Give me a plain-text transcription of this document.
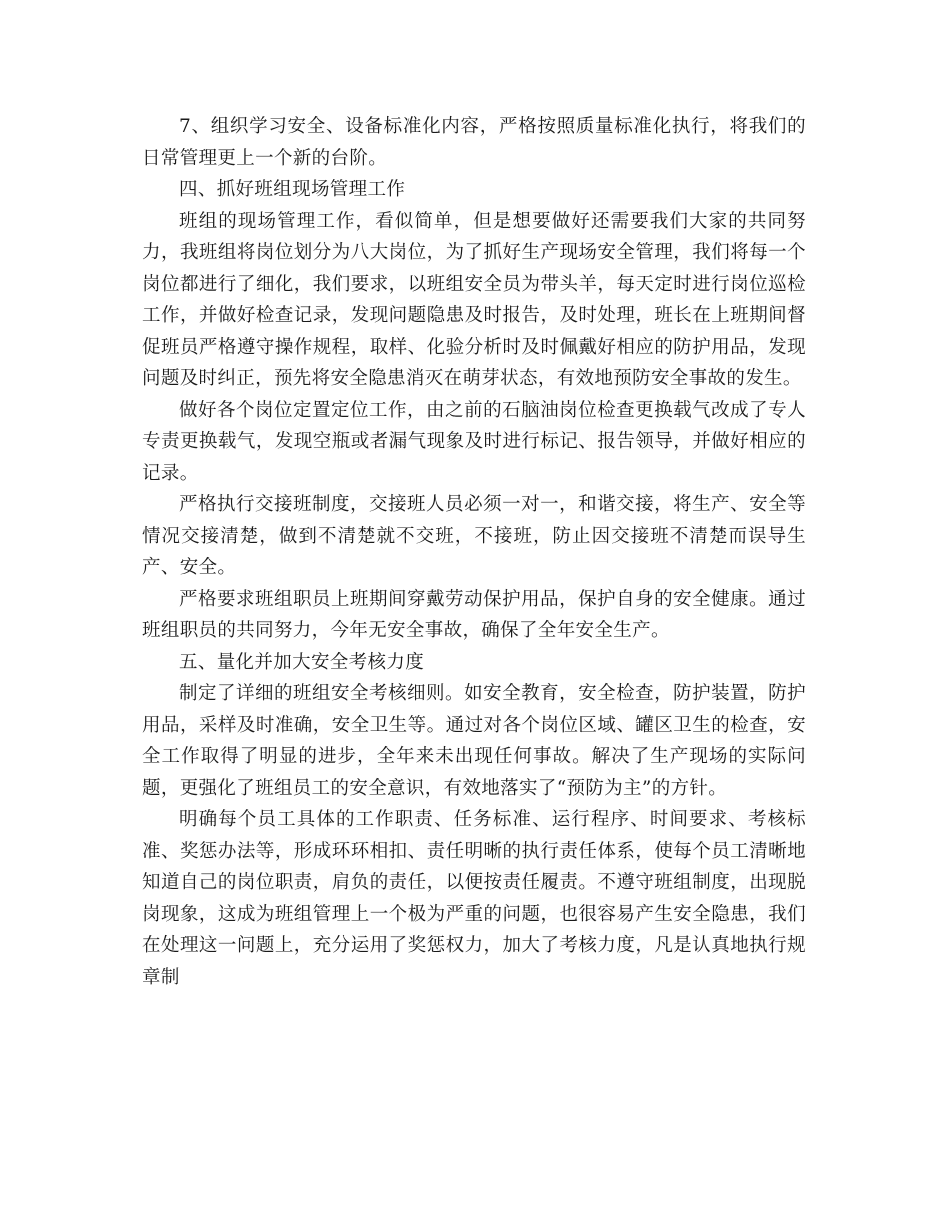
7、组织学习安全、设备标准化内容，严格按照质量标准化执行，将我们的日常管理更上一个新的台阶。

四、抓好班组现场管理工作

班组的现场管理工作，看似简单，但是想要做好还需要我们大家的共同努力，我班组将岗位划分为八大岗位，为了抓好生产现场安全管理，我们将每一个岗位都进行了细化，我们要求，以班组安全员为带头羊，每天定时进行岗位巡检工作，并做好检查记录，发现问题隐患及时报告，及时处理，班长在上班期间督促班员严格遵守操作规程，取样、化验分析时及时佩戴好相应的防护用品，发现问题及时纠正，预先将安全隐患消灭在萌芽状态，有效地预防安全事故的发生。

做好各个岗位定置定位工作，由之前的石脑油岗位检查更换载气改成了专人专责更换载气，发现空瓶或者漏气现象及时进行标记、报告领导，并做好相应的记录。

严格执行交接班制度，交接班人员必须一对一，和谐交接，将生产、安全等情况交接清楚，做到不清楚就不交班，不接班，防止因交接班不清楚而误导生产、安全。

严格要求班组职员上班期间穿戴劳动保护用品，保护自身的安全健康。通过班组职员的共同努力，今年无安全事故，确保了全年安全生产。

五、量化并加大安全考核力度

制定了详细的班组安全考核细则。如安全教育，安全检查，防护装置，防护用品，采样及时准确，安全卫生等。通过对各个岗位区域、罐区卫生的检查，安全工作取得了明显的进步，全年来未出现任何事故。解决了生产现场的实际问题，更强化了班组员工的安全意识，有效地落实了“预防为主”的方针。

明确每个员工具体的工作职责、任务标准、运行程序、时间要求、考核标准、奖惩办法等，形成环环相扣、责任明晰的执行责任体系，使每个员工清晰地知道自己的岗位职责，肩负的责任，以便按责任履责。不遵守班组制度，出现脱岗现象，这成为班组管理上一个极为严重的问题，也很容易产生安全隐患，我们在处理这一问题上，充分运用了奖惩权力，加大了考核力度，凡是认真地执行规章制
